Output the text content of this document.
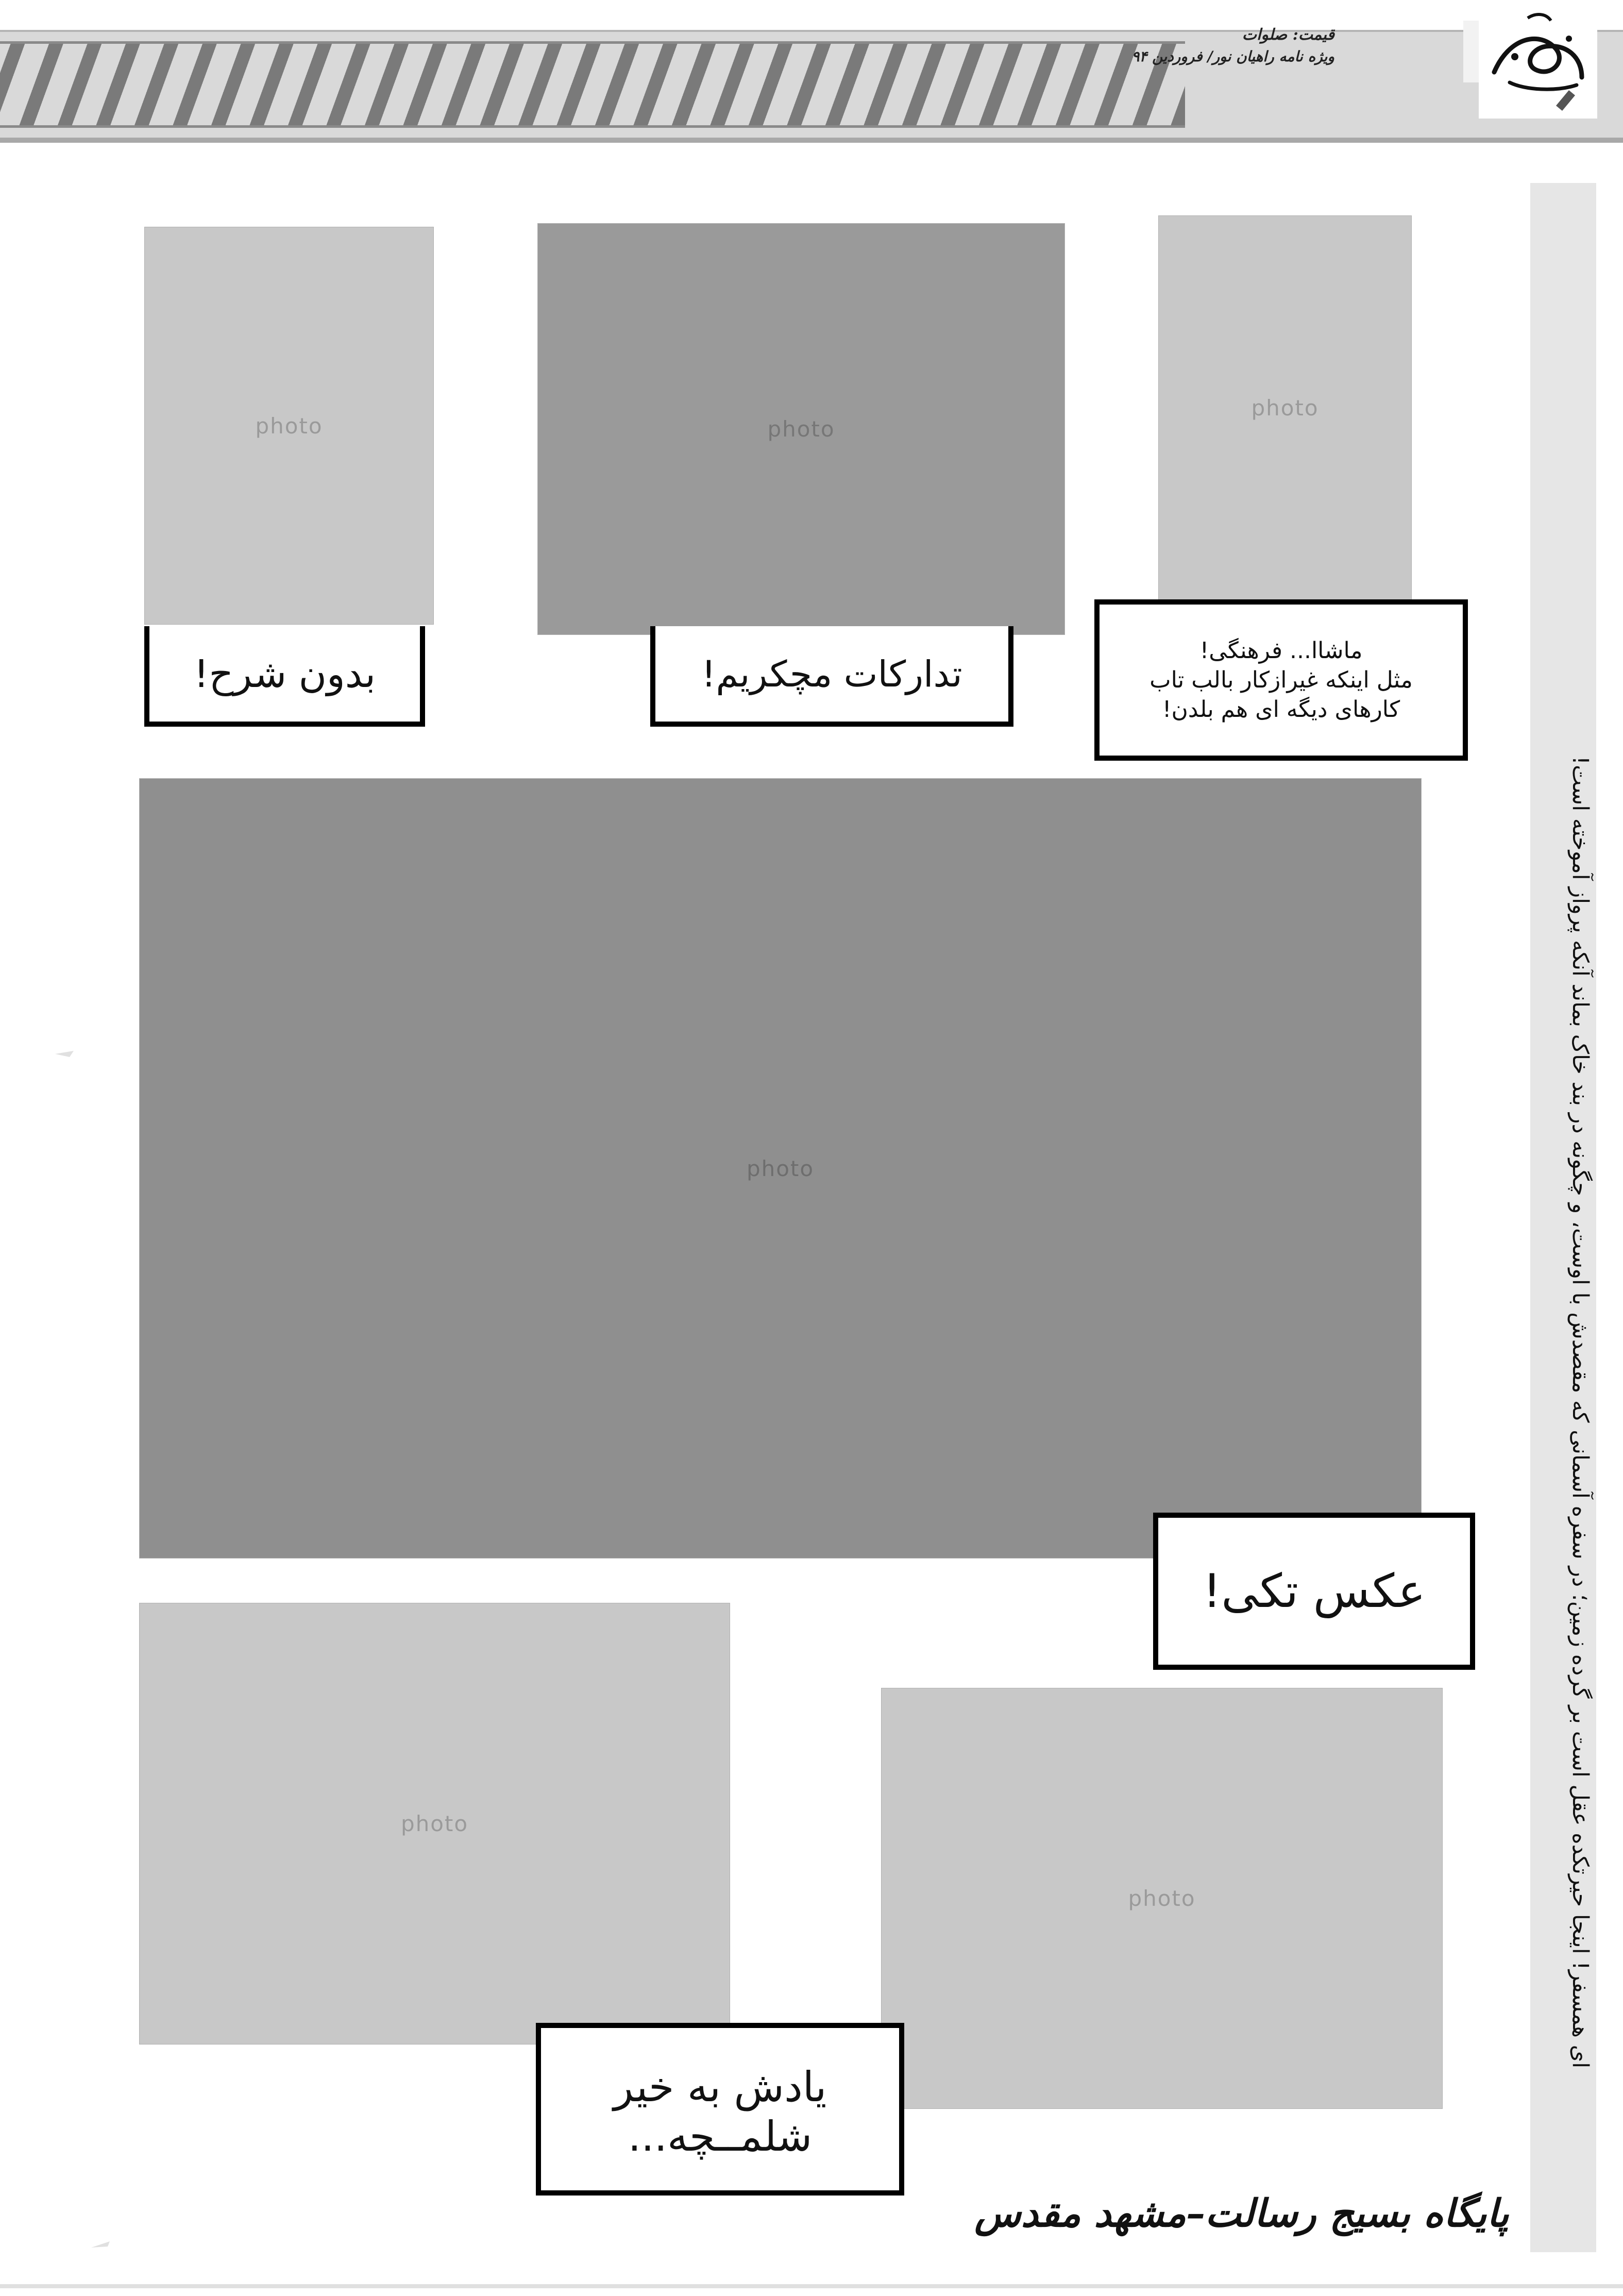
قیمت: صلوات
ویژه نامه راهیان نور/ فروردین ۹۴
photo	photo
photo
بدون شرح!	تدارکات مچکریم!
ماشاا... فرهنگی!
مثل اینکه غیرازکار بالب تاب
کارهای دیگه ای هم بلدن!
photo
عکس تکی!
photo
photo
یادش به خیر
شلمــچه...
ای همسفر! اینجا حیرتکده عقل است بر گرده زمین؛ در سفره آسمانی که مقصدش با اوست، و چگونه در بند خاک بماند آنکه پرواز آموخته است!
پایگاه بسیج رسالت–مشهد مقدس
